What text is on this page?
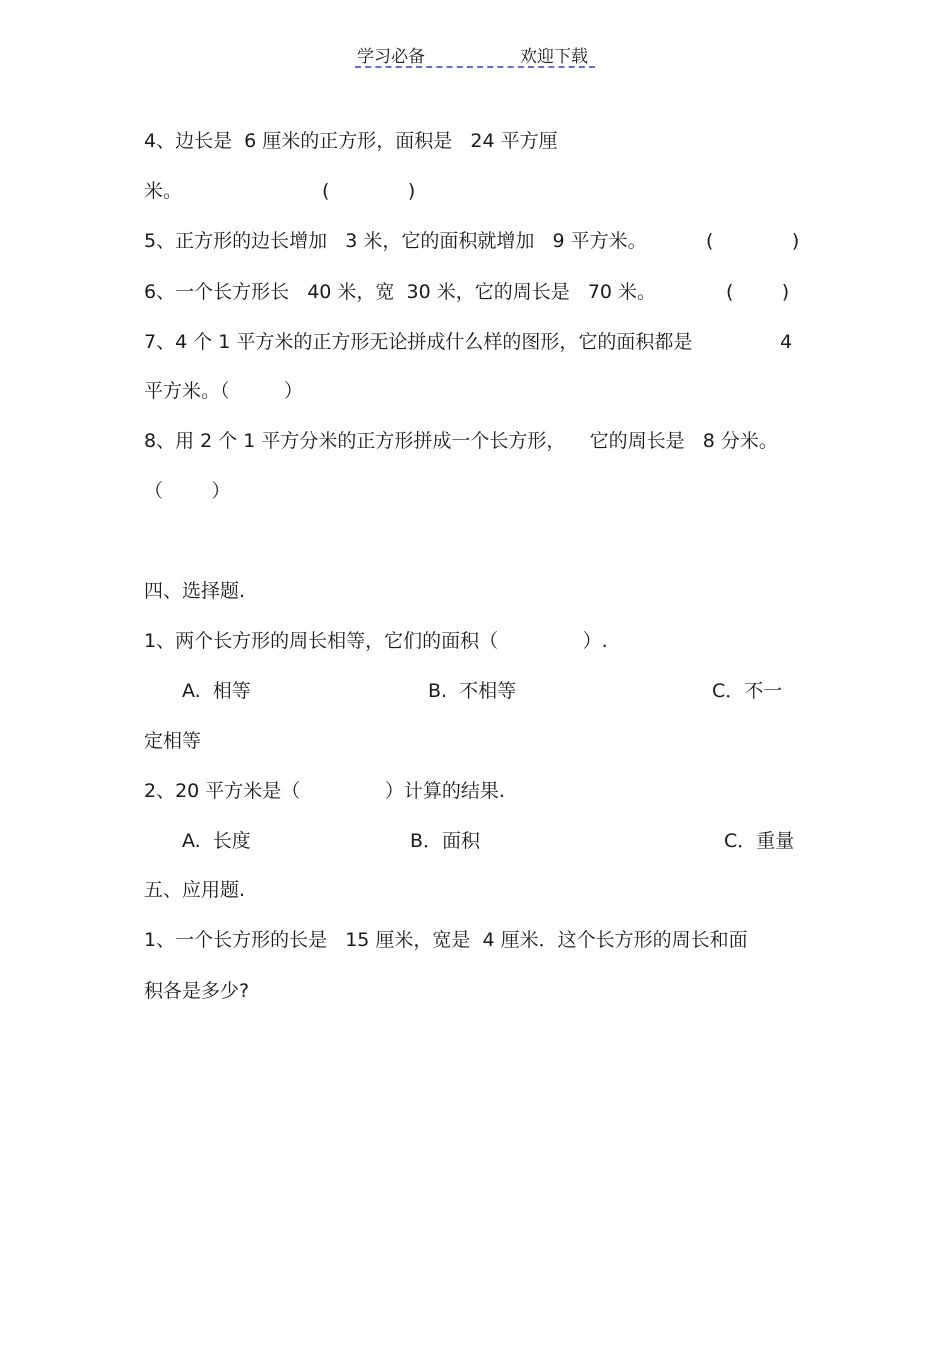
学习必备	欢迎下载
4、边长是  6 厘米的正方形，面积是   24 平方厘
米。	(             )
5、正方形的边长增加   3 米，它的面积就增加   9 平方米。	(             )
6、一个长方形长   40 米，宽  30 米，它的周长是   70 米。	(        )
7、4 个 1 平方米的正方形无论拼成什么样的图形，它的面积都是	4
平方米。（         ）
8、用 2 个 1 平方分米的正方形拼成一个长方形，    它的周长是   8 分米。
（        ）
四、选择题.
1、两个长方形的周长相等，它们的面积（              ）.
A.  相等	B.  不相等	C．不一
定相等
2、20 平方米是（              ）计算的结果.
A.  长度	B．面积	C．重量
五、应用题.
1、一个长方形的长是   15 厘米，宽是  4 厘米．这个长方形的周长和面
积各是多少?
